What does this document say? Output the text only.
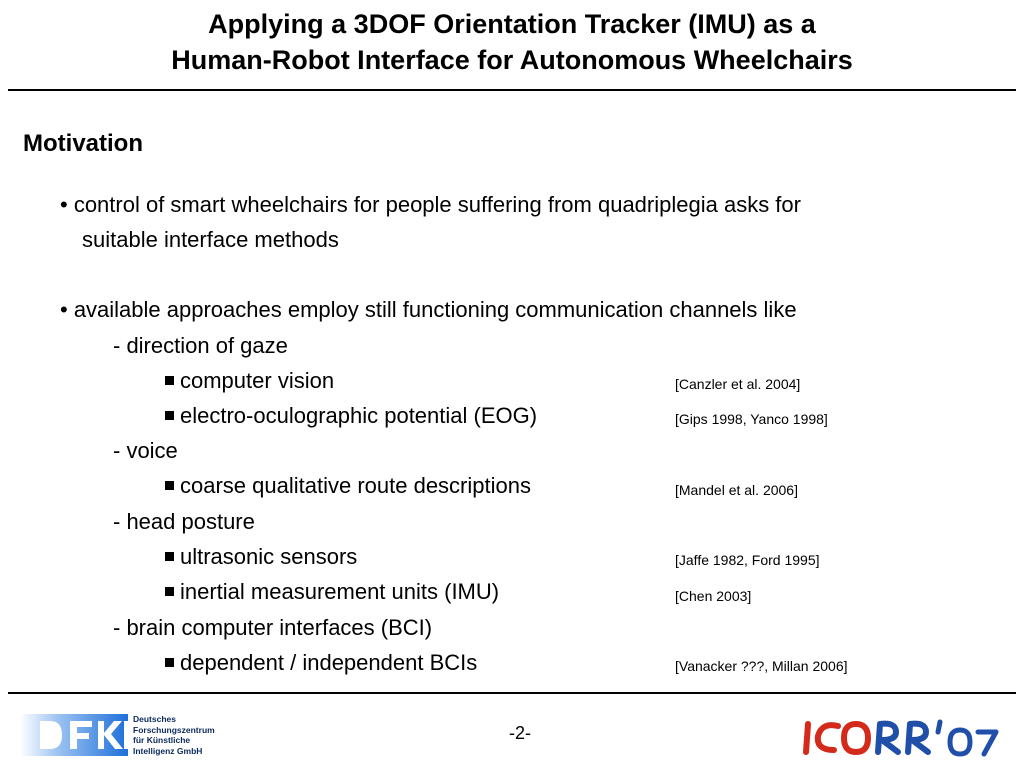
Applying a 3DOF Orientation Tracker (IMU) as a
Human-Robot Interface for Autonomous Wheelchairs
Motivation
• control of smart wheelchairs for people suffering from quadriplegia asks for
suitable interface methods
• available approaches employ still functioning communication channels like
- direction of gaze
computer vision	[Canzler et al. 2004]
electro-oculographic potential (EOG)	[Gips 1998, Yanco 1998]
- voice
coarse qualitative route descriptions	[Mandel et al. 2006]
- head posture
ultrasonic sensors	[Jaffe 1982, Ford 1995]
inertial measurement units (IMU)	[Chen 2003]
- brain computer interfaces (BCI)
dependent / independent BCIs	[Vanacker ???, Millan 2006]
Deutsches
Forschungszentrum
für Künstliche
Intelligenz GmbH
-2-
